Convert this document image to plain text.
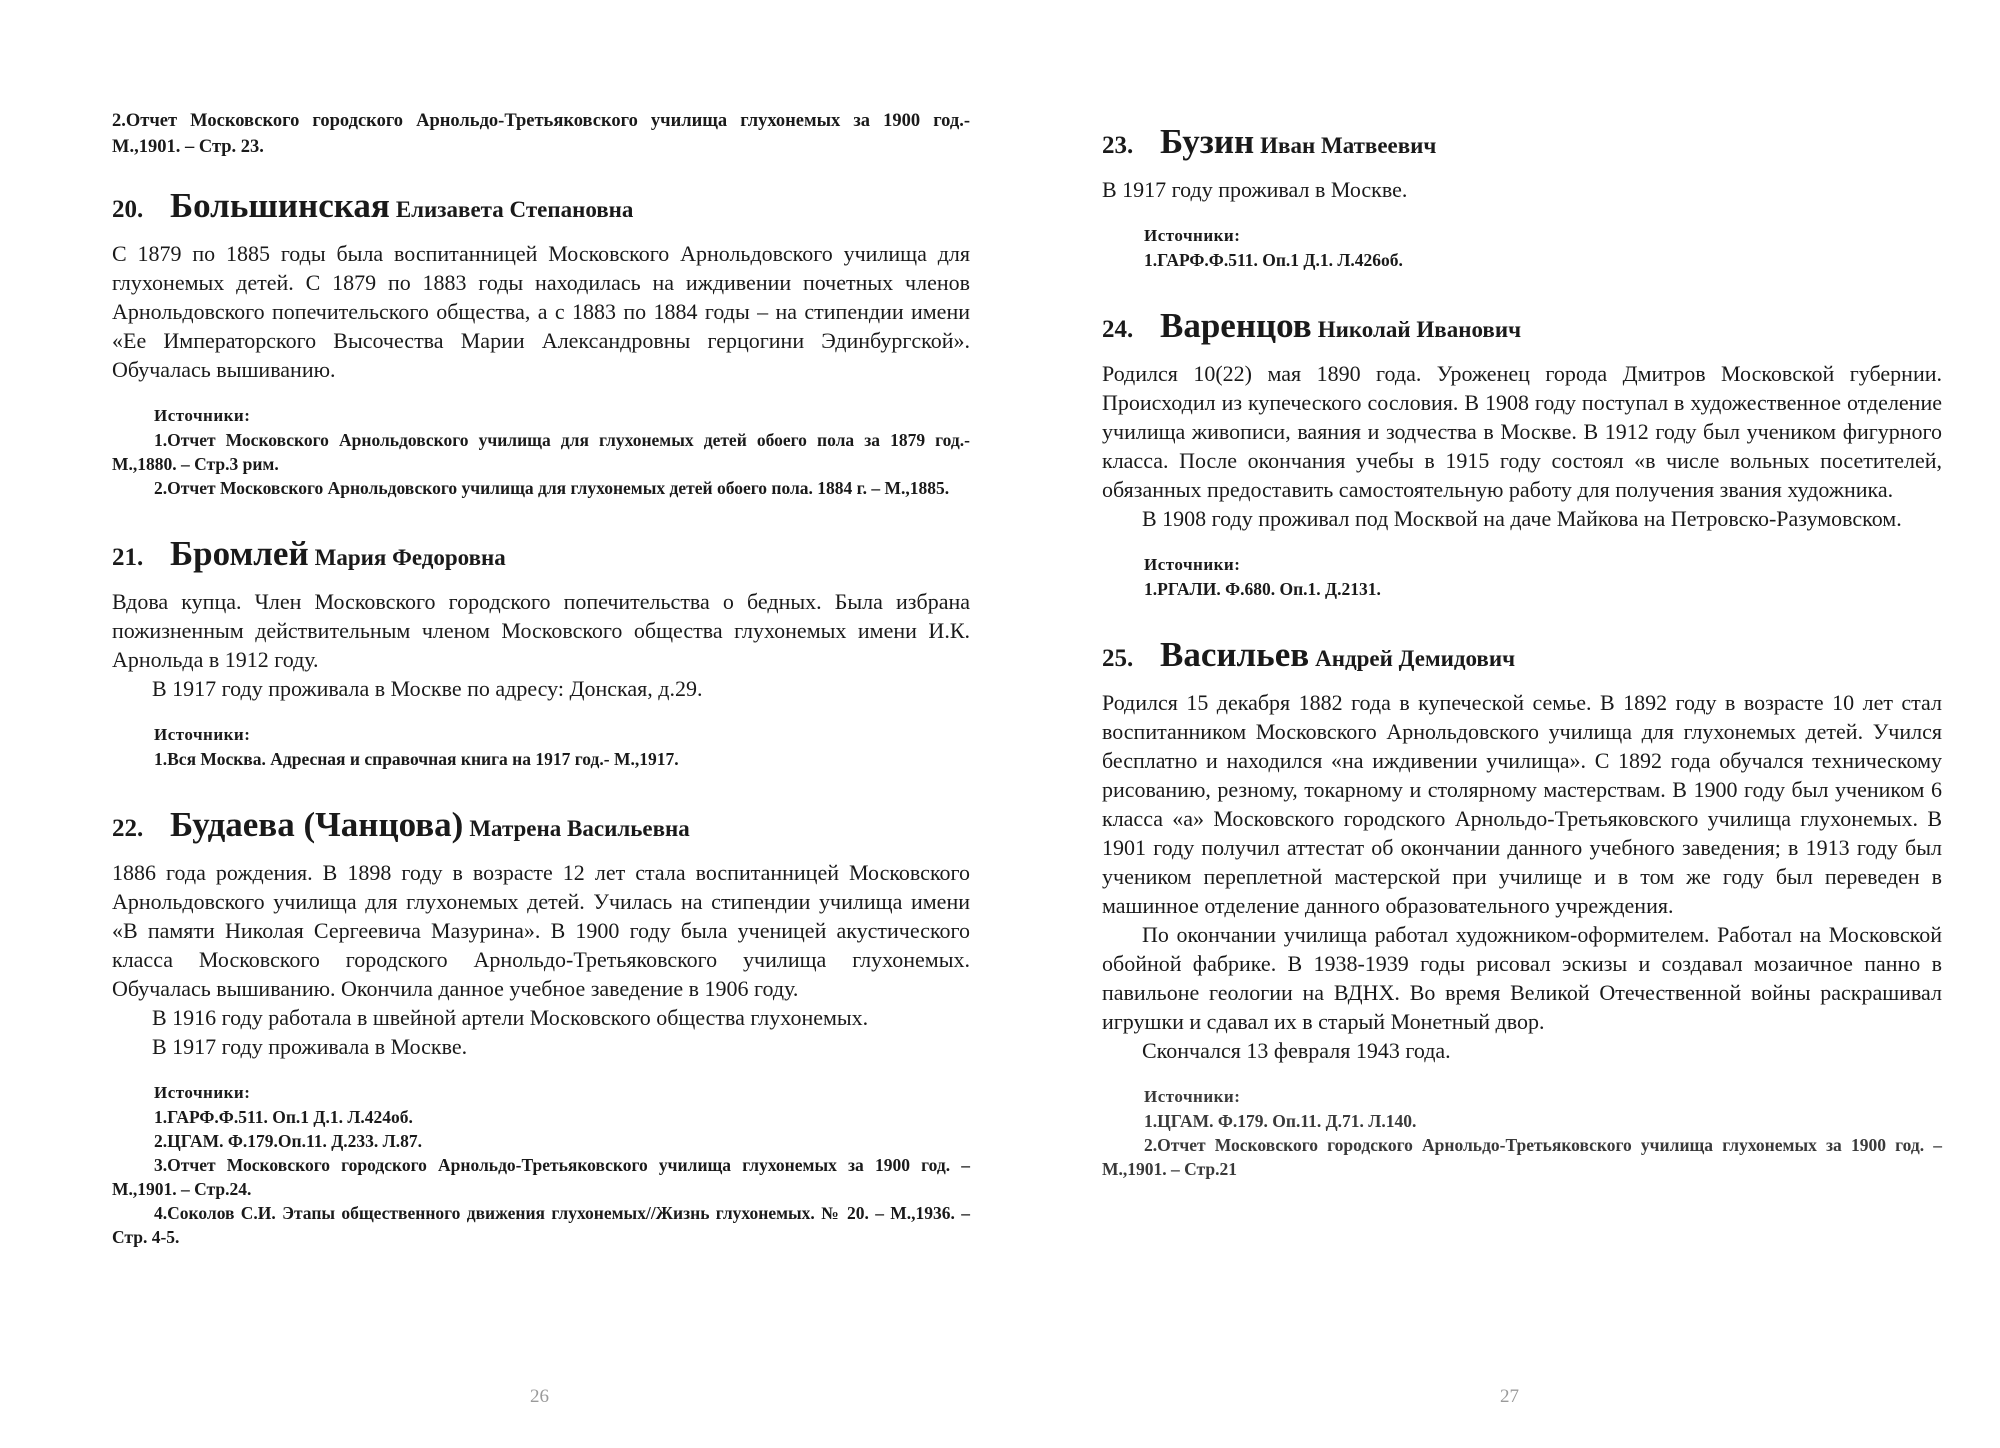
2.Отчет Московского городского Арнольдо-Третьяковского училища глухонемых за 1900 год.- М.,1901. – Стр. 23.
20. Большинская Елизавета Степановна

С 1879 по 1885 годы была воспитанницей Московского Арнольдовского училища для глухонемых детей. С 1879 по 1883 годы находилась на иждивении почетных членов Арнольдовского попечительского общества, а с 1883 по 1884 годы – на стипендии имени «Ее Императорского Высочества Марии Александровны герцогини Эдинбургской». Обучалась вышиванию.

Источники:
1.Отчет Московского Арнольдовского училища для глухонемых детей обоего пола за 1879 год.- М.,1880. – Стр.3 рим.
2.Отчет Московского Арнольдовского училища для глухонемых детей обоего пола. 1884 г. – М.,1885.
21. Бромлей Мария Федоровна

Вдова купца. Член Московского городского попечительства о бедных. Была избрана пожизненным действительным членом Московского общества глухонемых имени И.К. Арнольда в 1912 году.

В 1917 году проживала в Москве по адресу: Донская, д.29.

Источники:
1.Вся Москва. Адресная и справочная книга на 1917 год.- М.,1917.
22. Будаева (Чанцова) Матрена Васильевна

1886 года рождения. В 1898 году в возрасте 12 лет стала воспитанницей Московского Арнольдовского училища для глухонемых детей. Училась на стипендии училища имени «В памяти Николая Сергеевича Мазурина». В 1900 году была ученицей акустического класса Московского городского Арнольдо-Третьяковского училища глухонемых. Обучалась вышиванию. Окончила данное учебное заведение в 1906 году.

В 1916 году работала в швейной артели Московского общества глухонемых.

В 1917 году проживала в Москве.

Источники:
1.ГАРФ.Ф.511. Оп.1 Д.1. Л.424об.
2.ЦГАМ. Ф.179.Оп.11. Д.233. Л.87.
3.Отчет Московского городского Арнольдо-Третьяковского училища глухонемых за 1900 год. – М.,1901. – Стр.24.
4.Соколов С.И. Этапы общественного движения глухонемых//Жизнь глухонемых. № 20. – М.,1936. – Стр. 4-5.
26
23. Бузин Иван Матвеевич

В 1917 году проживал в Москве.

Источники:
1.ГАРФ.Ф.511. Оп.1 Д.1. Л.426об.
24. Варенцов Николай Иванович

Родился 10(22) мая 1890 года. Уроженец города Дмитров Московской губернии. Происходил из купеческого сословия. В 1908 году поступал в художественное отделение училища живописи, ваяния и зодчества в Москве. В 1912 году был учеником фигурного класса. После окончания учебы в 1915 году состоял «в числе вольных посетителей, обязанных предоставить самостоятельную работу для получения звания художника.

В 1908 году проживал под Москвой на даче Майкова на Петровско-Разумовском.

Источники:
1.РГАЛИ. Ф.680. Оп.1. Д.2131.
25. Васильев Андрей Демидович

Родился 15 декабря 1882 года в купеческой семье. В 1892 году в возрасте 10 лет стал воспитанником Московского Арнольдовского училища для глухонемых детей. Учился бесплатно и находился «на иждивении училища». С 1892 года обучался техническому рисованию, резному, токарному и столярному мастерствам. В 1900 году был учеником 6 класса «а» Московского городского Арнольдо-Третьяковского училища глухонемых. В 1901 году получил аттестат об окончании данного учебного заведения; в 1913 году был учеником переплетной мастерской при училище и в том же году был переведен в машинное отделение данного образовательного учреждения.

По окончании училища работал художником-оформителем. Работал на Московской обойной фабрике. В 1938-1939 годы рисовал эскизы и создавал мозаичное панно в павильоне геологии на ВДНХ. Во время Великой Отечественной войны раскрашивал игрушки и сдавал их в старый Монетный двор.

Скончался 13 февраля 1943 года.

Источники:
1.ЦГАМ. Ф.179. Оп.11. Д.71. Л.140.
2.Отчет Московского городского Арнольдо-Третьяковского училища глухонемых за 1900 год. – М.,1901. – Стр.21
27
